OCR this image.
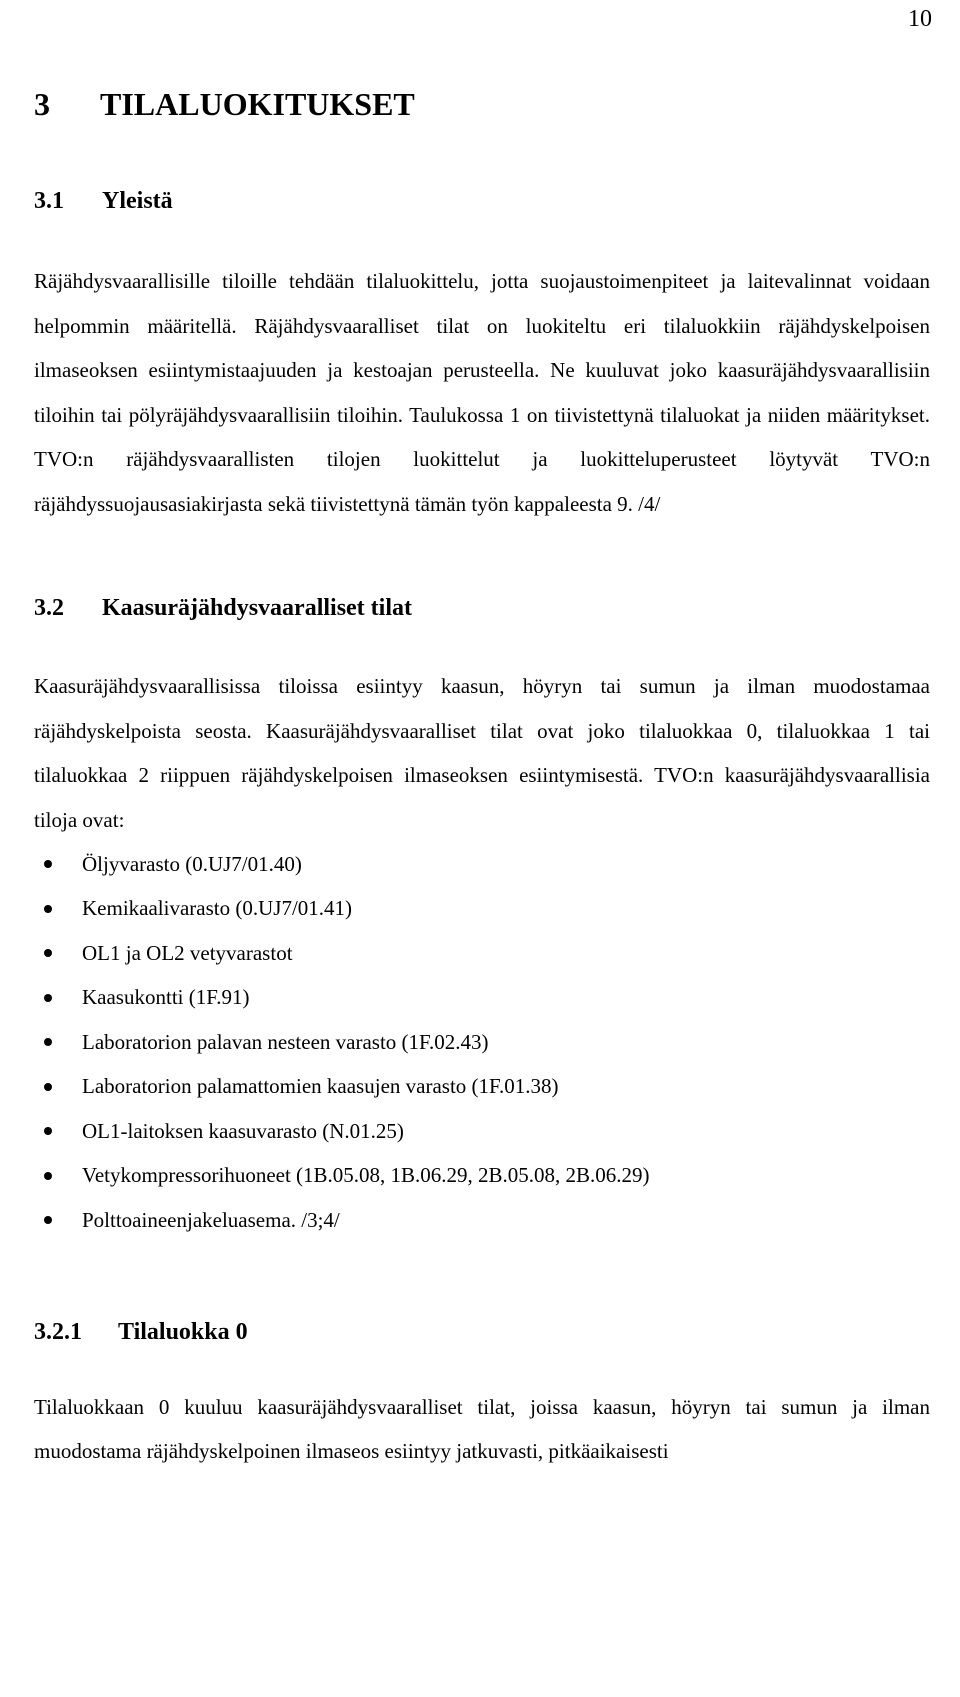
10
3	TILALUOKITUKSET
3.1	Yleistä

Räjähdysvaarallisille tiloille tehdään tilaluokittelu, jotta suojaustoimenpiteet ja laitevalinnat voidaan helpommin määritellä. Räjähdysvaaralliset tilat on luokiteltu eri tilaluokkiin räjähdyskelpoisen ilmaseoksen esiintymistaajuuden ja kestoajan perusteella. Ne kuuluvat joko kaasuräjähdysvaarallisiin tiloihin tai pölyräjähdysvaarallisiin tiloihin. Taulukossa 1 on tiivistettynä tilaluokat ja niiden määritykset. TVO:n räjähdysvaarallisten tilojen luokittelut ja luokitteluperusteet löytyvät TVO:n räjähdyssuojausasiakirjasta sekä tiivistettynä tämän työn kappaleesta 9. /4/

3.2	Kaasuräjähdysvaaralliset tilat

Kaasuräjähdysvaarallisissa tiloissa esiintyy kaasun, höyryn tai sumun ja ilman muodostamaa räjähdyskelpoista seosta. Kaasuräjähdysvaaralliset tilat ovat joko tilaluokkaa 0, tilaluokkaa 1 tai tilaluokkaa 2 riippuen räjähdyskelpoisen ilmaseoksen esiintymisestä. TVO:n kaasuräjähdysvaarallisia tiloja ovat:

Öljyvarasto (0.UJ7/01.40)
Kemikaalivarasto (0.UJ7/01.41)
OL1 ja OL2 vetyvarastot
Kaasukontti (1F.91)
Laboratorion palavan nesteen varasto (1F.02.43)
Laboratorion palamattomien kaasujen varasto (1F.01.38)
OL1-laitoksen kaasuvarasto (N.01.25)
Vetykompressorihuoneet (1B.05.08, 1B.06.29, 2B.05.08, 2B.06.29)
Polttoaineenjakeluasema. /3;4/
3.2.1	Tilaluokka 0

Tilaluokkaan 0 kuuluu kaasuräjähdysvaaralliset tilat, joissa kaasun, höyryn tai sumun ja ilman muodostama räjähdyskelpoinen ilmaseos esiintyy jatkuvasti, pitkäaikaisesti
